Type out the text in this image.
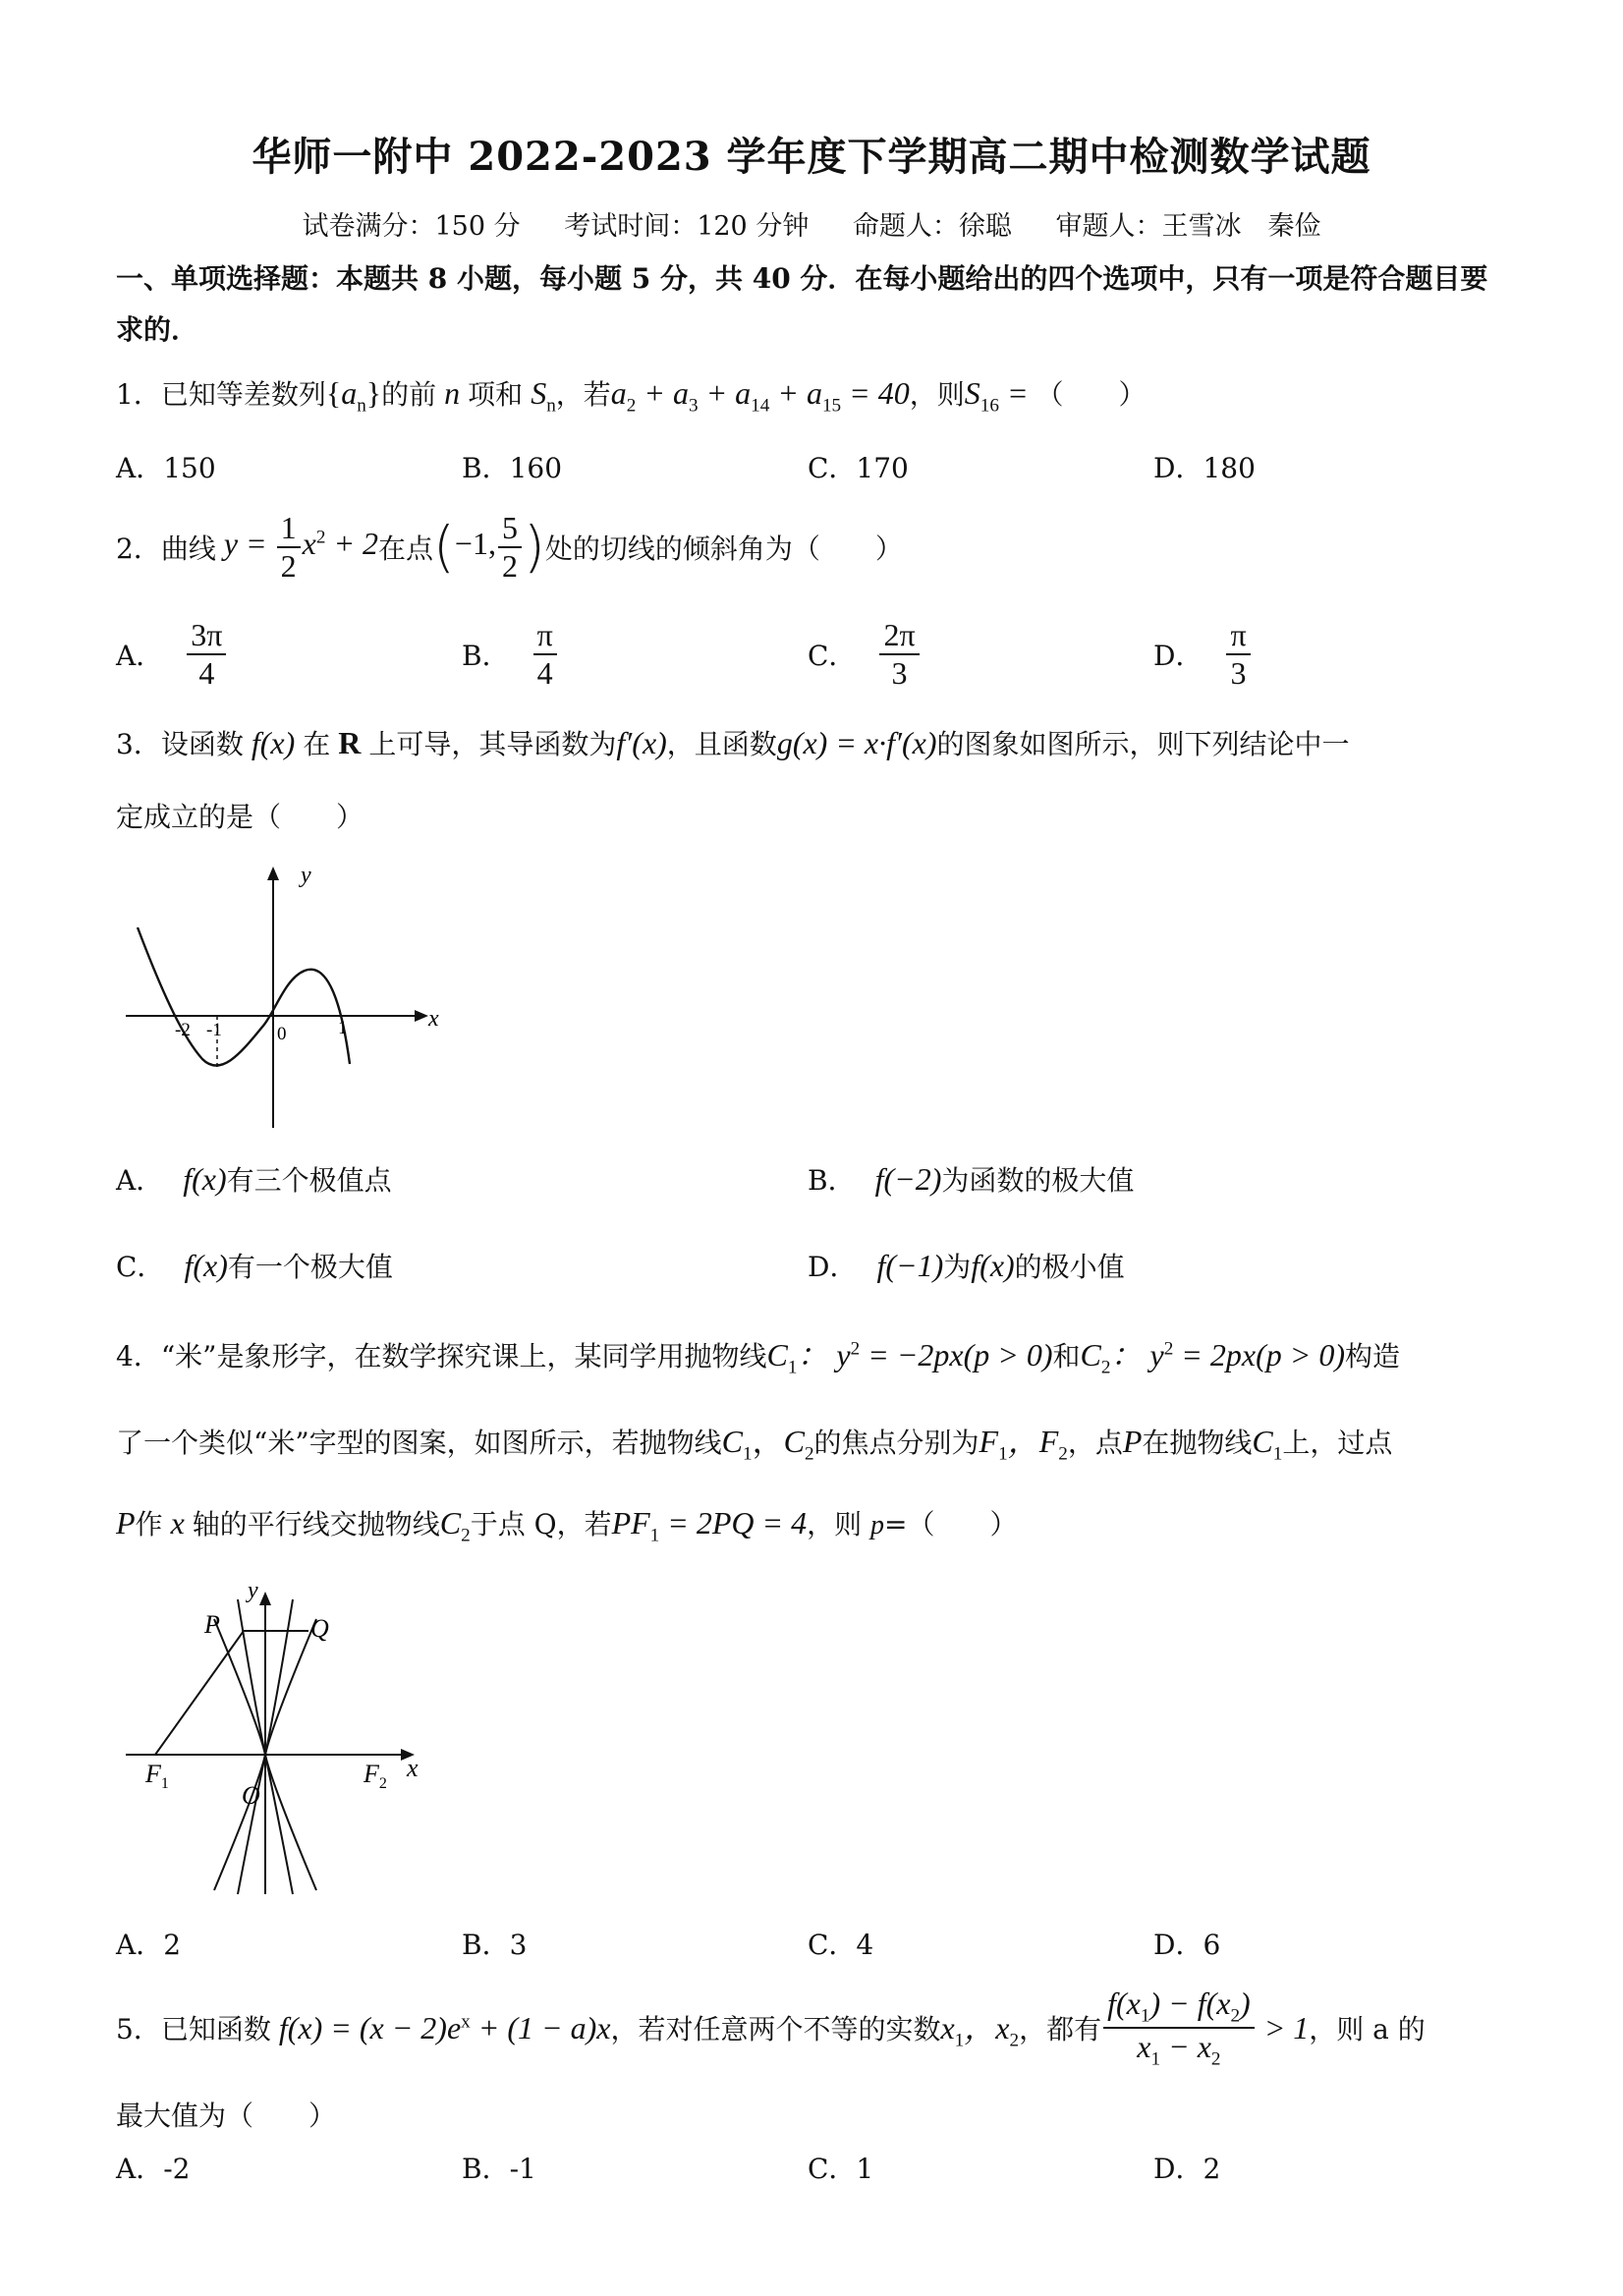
华师一附中 2022-2023 学年度下学期高二期中检测数学试题
试卷满分：150 分 考试时间：120 分钟 命题人：徐聪 审题人：王雪冰　秦俭
一、单项选择题：本题共 8 小题，每小题 5 分，共 40 分．在每小题给出的四个选项中，只有一项是符合题目要
求的．
1．已知等差数列$\{a_n\}$的前 n 项和 $S_n$，若$a_2 + a_3 + a_{14} + a_{15} = 40$，则$S_{16}$ = （　　）
A．150	B．160	C．170	D．180
2． 曲线 $y = \frac{1}{2} x^2 + 2$ 在点 (−1, $\frac{5}{2}$ ) 处的切线的倾斜角为（　　）
A． $\frac{3\pi}{4}$	B． $\frac{\pi}{4}$	C． $\frac{2\pi}{3}$	D． $\frac{\pi}{3}$
3．设函数 f(x) 在 R 上可导，其导函数为f′(x)，且函数g(x) = x·f′(x)的图象如图所示，则下列结论中一
定成立的是（　　）
y
x
-2 -1	0	1
A． f(x)有三个极值点	B． f(−2)为函数的极大值
C． f(x)有一个极大值	D． f(−1)为f(x)的极小值
4．“米”是象形字，在数学探究课上，某同学用抛物线$C_1$： $y^2 = -2px(p > 0)$和$C_2$： $y^2 = 2px(p > 0)$构造
了一个类似“米”字型的图案，如图所示，若抛物线$C_1$，$C_2$的焦点分别为$F_1$，$F_2$，点P在抛物线$C_1$上，过点
P作 x 轴的平行线交抛物线$C_2$于点 Q，若$PF_1 = 2PQ = 4$，则 p=（　　）
P	Q
y
x
$F_1$	$F_2$
O
A．2	B．3	C．4	D．6
5． 已知函数 $f(x) = (x - 2)e^x + (1 - a)x$ ，若对任意两个不等的实数 $x_1$，$x_2$ ，都有 $\frac{f(x_1) - f(x_2)}{x_1 - x_2} > 1$ ，则 a 的
最大值为（　　）
A．-2	B．-1	C．1	D．2
